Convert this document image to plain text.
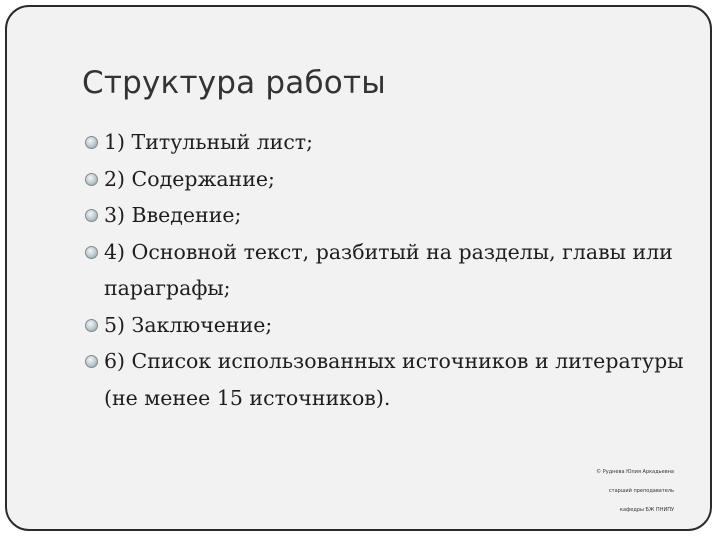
Структура работы
1) Титульный лист;
2) Содержание;
3) Введение;
4) Основной текст, разбитый на разделы, главы или параграфы;
5) Заключение;
6) Список использованных источников и литературы (не менее 15 источников).
© Руднева Юлия Аркадьевна
старший преподаватель
кафедры БЖ ПНИПУ
